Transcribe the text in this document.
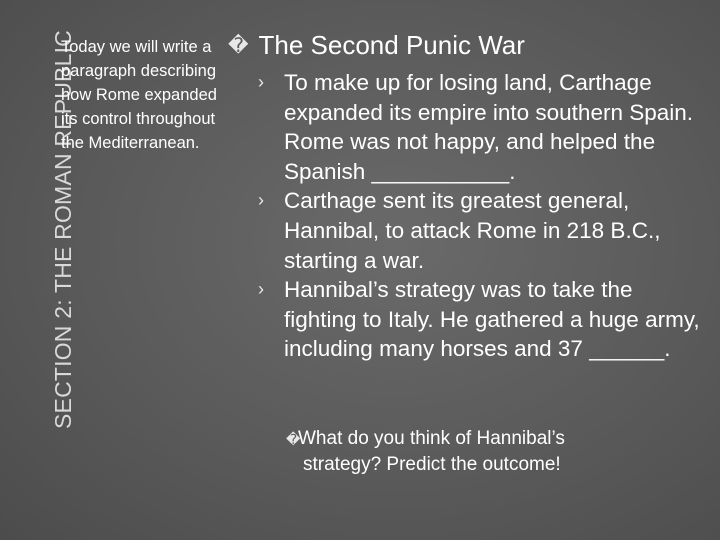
SECTION 2: THE ROMAN REPUBLIC
Today we will write a paragraph describing how Rome expanded its control throughout the Mediterranean.
� The Second Punic War
› To make up for losing land, Carthage expanded its empire into southern Spain. Rome was not happy, and helped the Spanish ___________.
› Carthage sent its greatest general, Hannibal, to attack Rome in 218 B.C., starting a war.
› Hannibal’s strategy was to take the fighting to Italy. He gathered a huge army, including many horses and 37 ______.
�What do you think of Hannibal’s
strategy? Predict the outcome!
